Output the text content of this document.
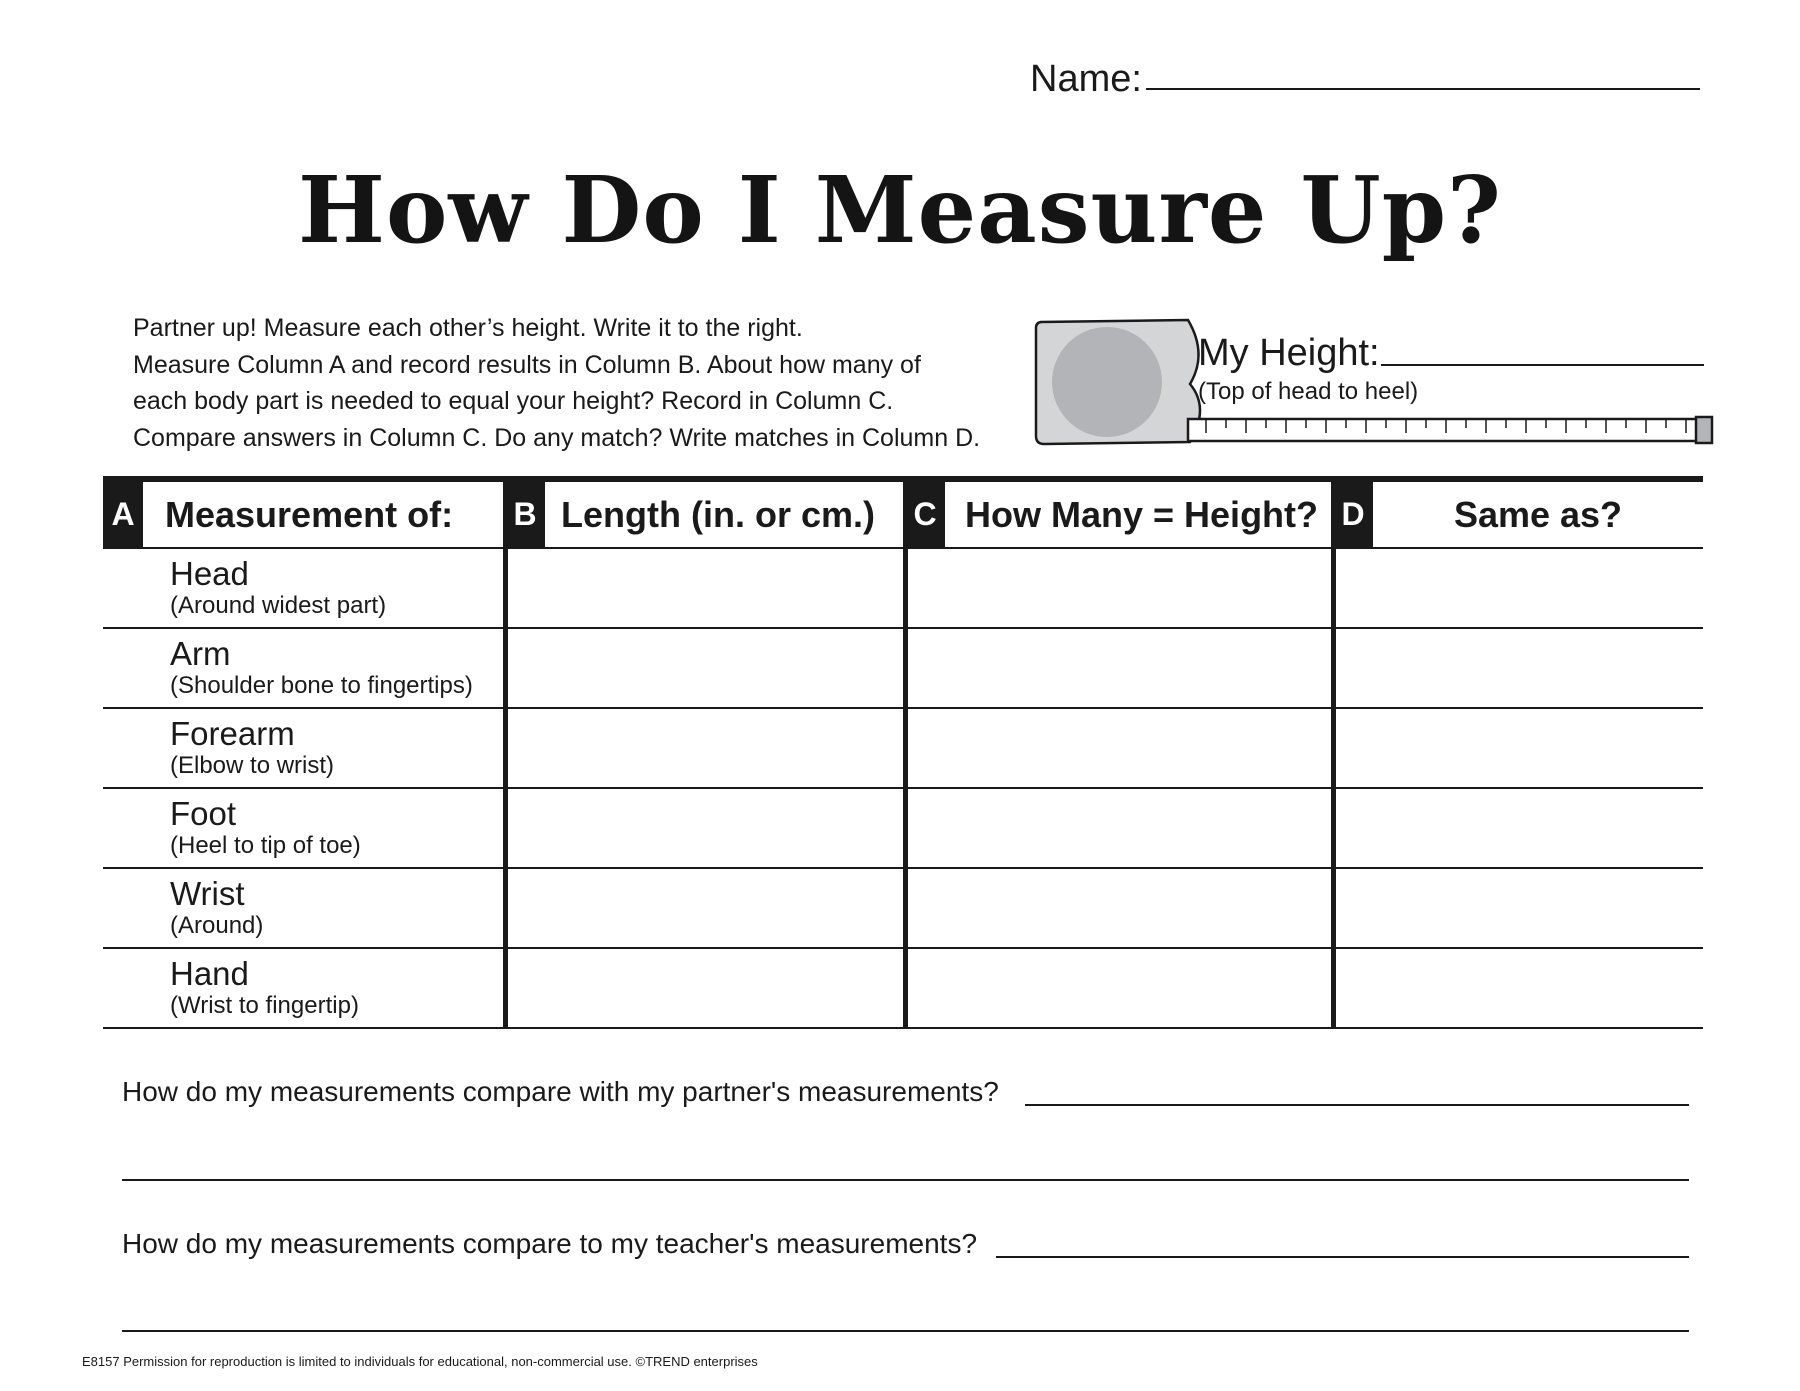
Name:
How Do I Measure Up?
Partner up! Measure each other’s height. Write it to the right.
Measure Column A and record results in Column B. About how many of
each body part is needed to equal your height? Record in Column C.
Compare answers in Column C. Do any match? Write matches in Column D.
My Height:
(Top of head to heel)
A	B	C	D
Measurement of:	Length (in. or cm.)	How Many = Height?	Same as?
Head
(Around widest part)
Arm
(Shoulder bone to fingertips)
Forearm
(Elbow to wrist)
Foot
(Heel to tip of toe)
Wrist
(Around)
Hand
(Wrist to fingertip)
How do my measurements compare with my partner's measurements?
How do my measurements compare to my teacher's measurements?
E8157 Permission for reproduction is limited to individuals for educational, non-commercial use. ©TREND enterprises
